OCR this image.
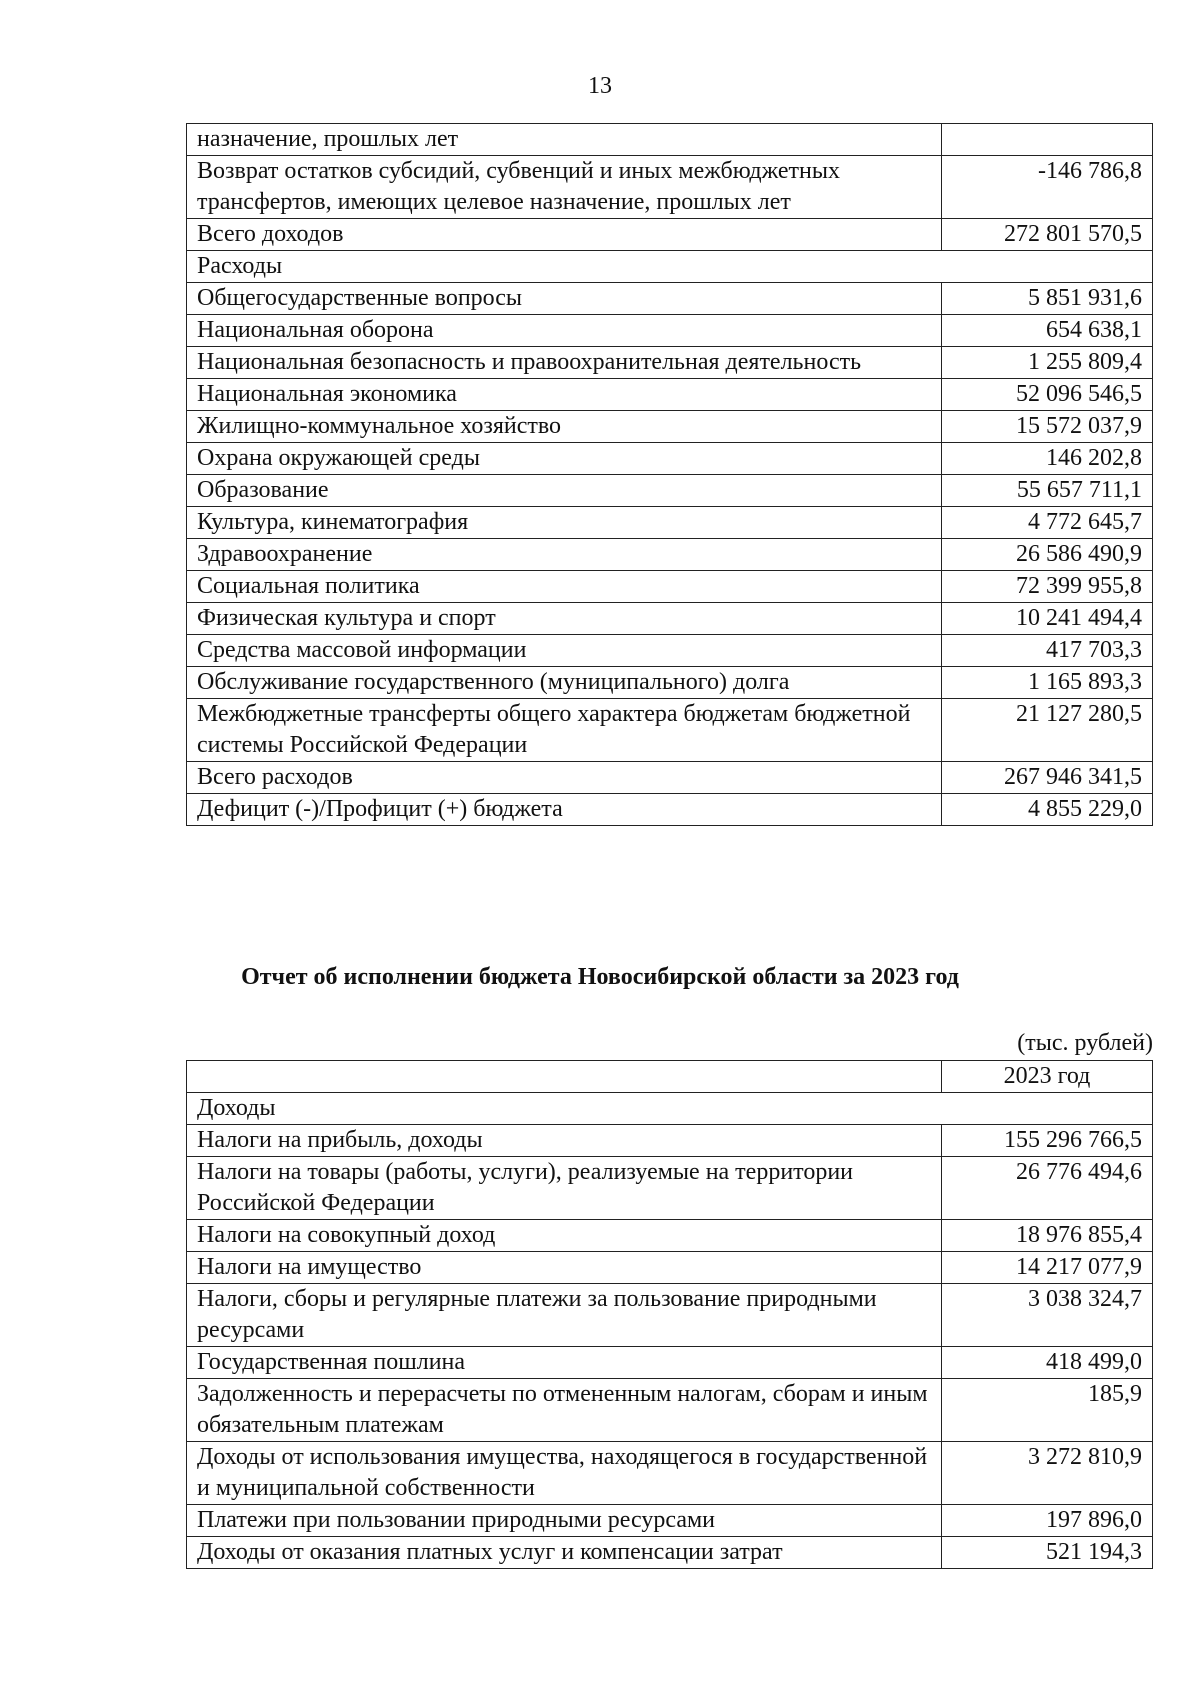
13
назначение, прошлых лет	
Возврат остатков субсидий, субвенций и иных межбюджетных трансфертов, имеющих целевое назначение, прошлых лет	-146 786,8
Всего доходов	272 801 570,5
Расходы	
Общегосударственные вопросы	5 851 931,6
Национальная оборона	654 638,1
Национальная безопасность и правоохранительная деятельность	1 255 809,4
Национальная экономика	52 096 546,5
Жилищно-коммунальное хозяйство	15 572 037,9
Охрана окружающей среды	146 202,8
Образование	55 657 711,1
Культура, кинематография	4 772 645,7
Здравоохранение	26 586 490,9
Социальная политика	72 399 955,8
Физическая культура и спорт	10 241 494,4
Средства массовой информации	417 703,3
Обслуживание государственного (муниципального) долга	1 165 893,3
Межбюджетные трансферты общего характера бюджетам бюджетной системы Российской Федерации	21 127 280,5
Всего расходов	267 946 341,5
Дефицит (-)/Профицит (+) бюджета	4 855 229,0
Отчет об исполнении бюджета Новосибирской области за 2023 год
(тыс. рублей)
	2023 год
Доходы	
Налоги на прибыль, доходы	155 296 766,5
Налоги на товары (работы, услуги), реализуемые на территории Российской Федерации	26 776 494,6
Налоги на совокупный доход	18 976 855,4
Налоги на имущество	14 217 077,9
Налоги, сборы и регулярные платежи за пользование природными ресурсами	3 038 324,7
Государственная пошлина	418 499,0
Задолженность и перерасчеты по отмененным налогам, сборам и иным обязательным платежам	185,9
Доходы от использования имущества, находящегося в государственной и муниципальной собственности	3 272 810,9
Платежи при пользовании природными ресурсами	197 896,0
Доходы от оказания платных услуг и компенсации затрат	521 194,3
